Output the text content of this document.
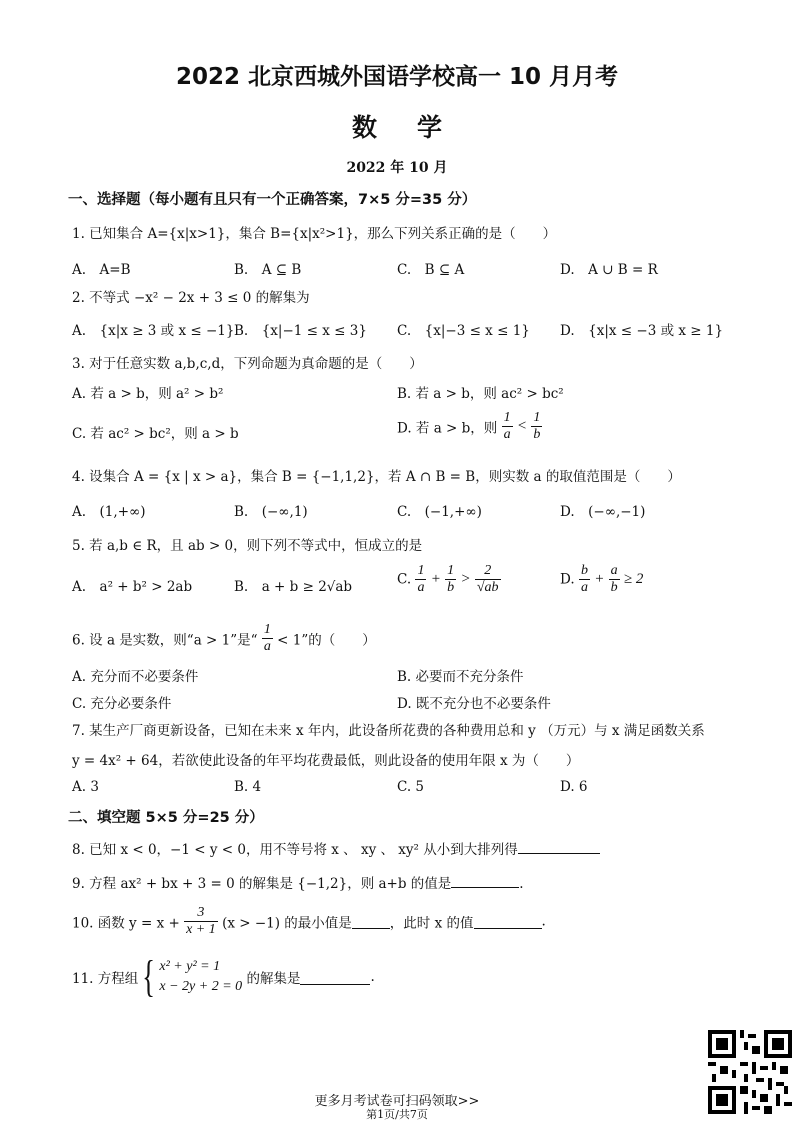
2022 北京西城外国语学校高一 10 月月考
数学
2022 年 10 月
一、选择题（每小题有且只有一个正确答案，7×5 分=35 分）
1. 已知集合 A={x|x>1}，集合 B={x|x²>1}，那么下列关系正确的是（　　）
A.　A=B	B.　A ⊆ B	C.　B ⊆ A	D.　A ∪ B = R
2. 不等式 −x² − 2x + 3 ≤ 0 的解集为
A.　{x|x ≥ 3 或 x ≤ −1} B.　{x|−1 ≤ x ≤ 3} C.　{x|−3 ≤ x ≤ 1} D.　{x|x ≤ −3 或 x ≥ 1}
3. 对于任意实数 a,b,c,d，下列命题为真命题的是（　　）
A. 若 a > b，则 a² > b²	B. 若 a > b，则 ac² > bc²
C. 若 ac² > bc²，则 a > b	D. 若 a > b，则 $\frac{1}{a} < \frac{1}{b}$
4. 设集合 A = {x | x > a}，集合 B = {−1,1,2}，若 A ∩ B = B，则实数 a 的取值范围是（　　）
A.　(1,+∞)	B.　(−∞,1)	C.　(−1,+∞)	D.　(−∞,−1)
5. 若 a,b ∈ R，且 ab > 0，则下列不等式中，恒成立的是
A.　a² + b² > 2ab	B.　a + b ≥ 2√ab	C. $\frac{1}{a} + \frac{1}{b} > \frac{2}{√ab}$	D. $\frac{b}{a} + \frac{a}{b} \ge 2$
6. 设 a 是实数，则“a > 1”是“ $\frac{1}{a} < 1$”的（　　）
A. 充分而不必要条件	B. 必要而不充分条件
C. 充分必要条件	D. 既不充分也不必要条件
7. 某生产厂商更新设备，已知在未来 x 年内，此设备所花费的各种费用总和 y （万元）与 x 满足函数关系
y = 4x² + 64，若欲使此设备的年平均花费最低，则此设备的使用年限 x 为（　　）
A. 3	B. 4	C. 5	D. 6
二、填空题 5×5 分=25 分）
8. 已知 x < 0，−1 < y < 0，用不等号将 x 、 xy 、 xy² 从小到大排列得
9. 方程 ax² + bx + 3 = 0 的解集是 {−1,2}，则 a+b 的值是	.
10. 函数 $y = x + \frac{3}{x + 1} (x > -1)$ 的最小值是	，此时 x 的值	.
11. 方程组{ x² + y² = 1
x − 2y + 2 = 0 的解集是	.
更多月考试卷可扫码领取>>
第1页/共7页
